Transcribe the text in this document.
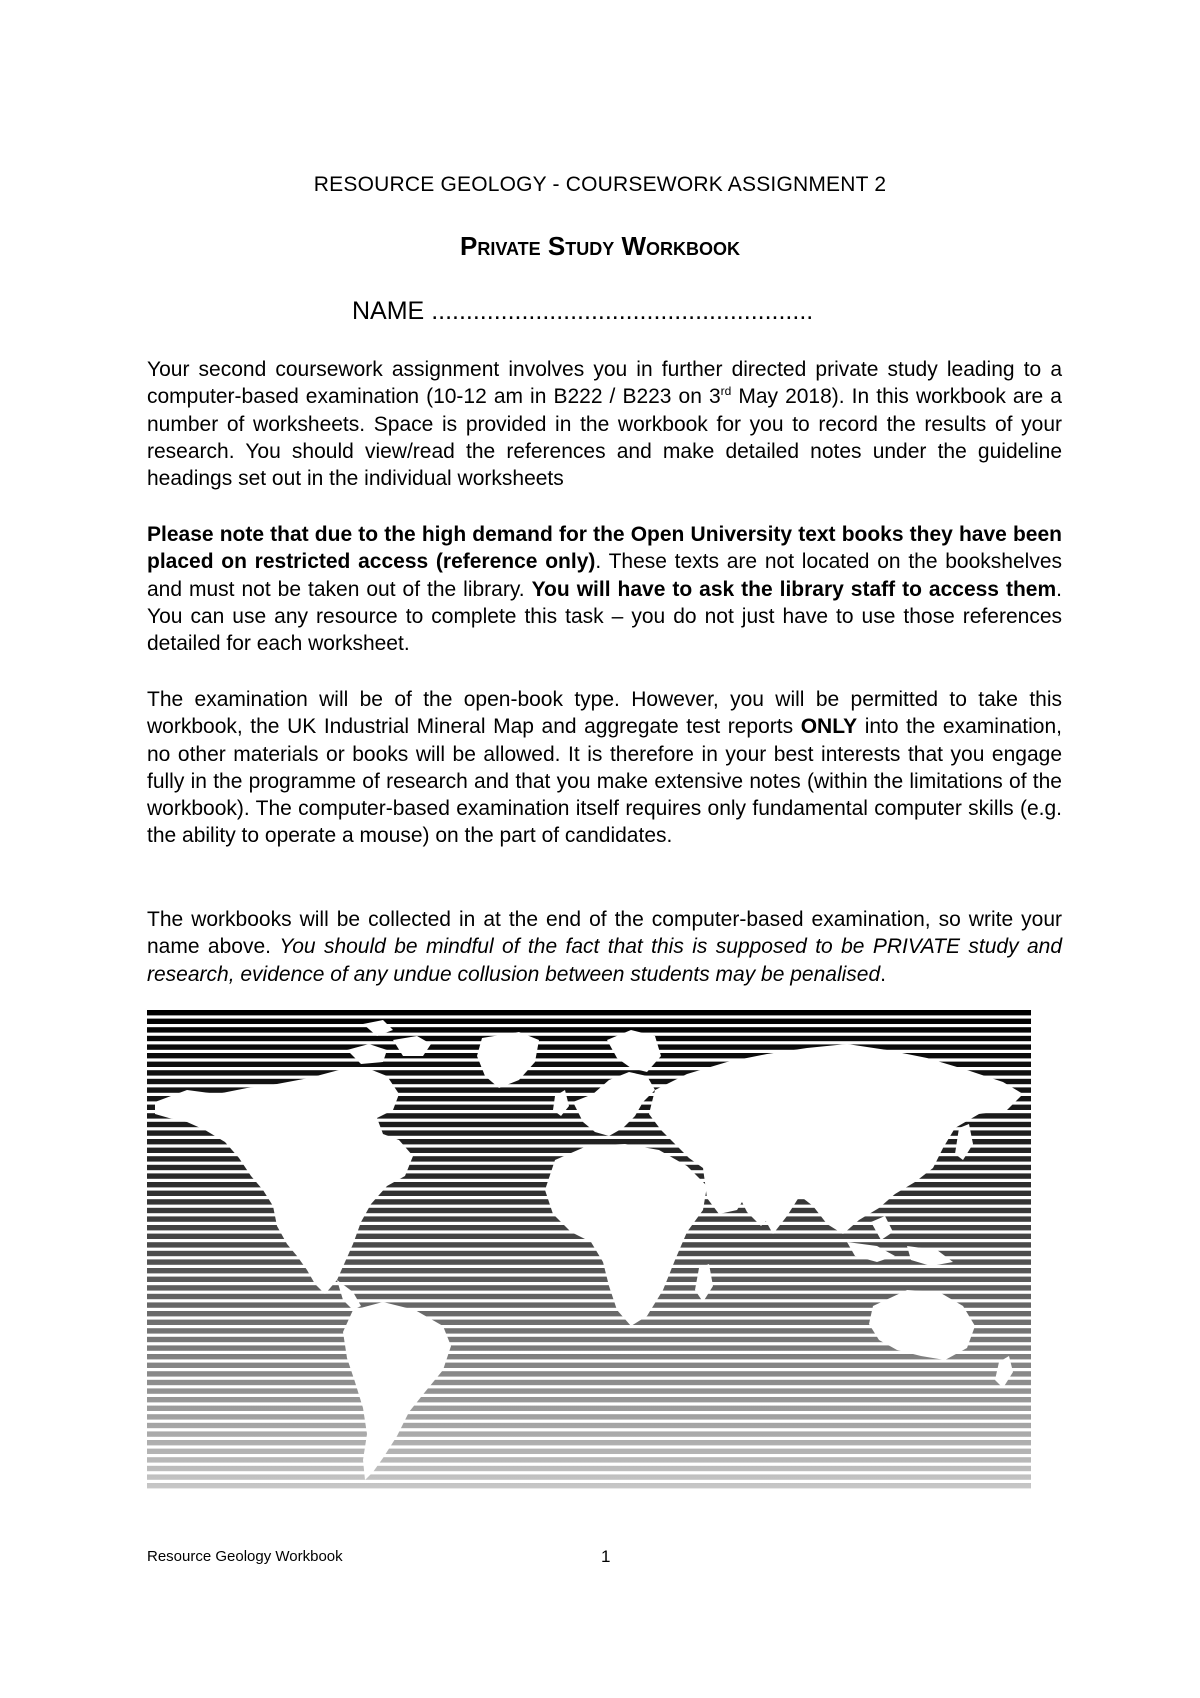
RESOURCE GEOLOGY - COURSEWORK ASSIGNMENT 2
Private Study Workbook
NAME .......................................................
Your second coursework assignment involves you in further directed private study leading to a computer-based examination (10-12 am in B222 / B223 on 3rd May 2018). In this workbook are a number of worksheets. Space is provided in the workbook for you to record the results of your research. You should view/read the references and make detailed notes under the guideline headings set out in the individual worksheets
Please note that due to the high demand for the Open University text books they have been placed on restricted access (reference only). These texts are not located on the bookshelves and must not be taken out of the library. You will have to ask the library staff to access them. You can use any resource to complete this task – you do not just have to use those references detailed for each worksheet.
The examination will be of the open-book type. However, you will be permitted to take this workbook, the UK Industrial Mineral Map and aggregate test reports ONLY into the examination, no other materials or books will be allowed. It is therefore in your best interests that you engage fully in the programme of research and that you make extensive notes (within the limitations of the workbook). The computer-based examination itself requires only fundamental computer skills (e.g. the ability to operate a mouse) on the part of candidates.
The workbooks will be collected in at the end of the computer-based examination, so write your name above. You should be mindful of the fact that this is supposed to be PRIVATE study and research, evidence of any undue collusion between students may be penalised.
Resource Geology Workbook	1
